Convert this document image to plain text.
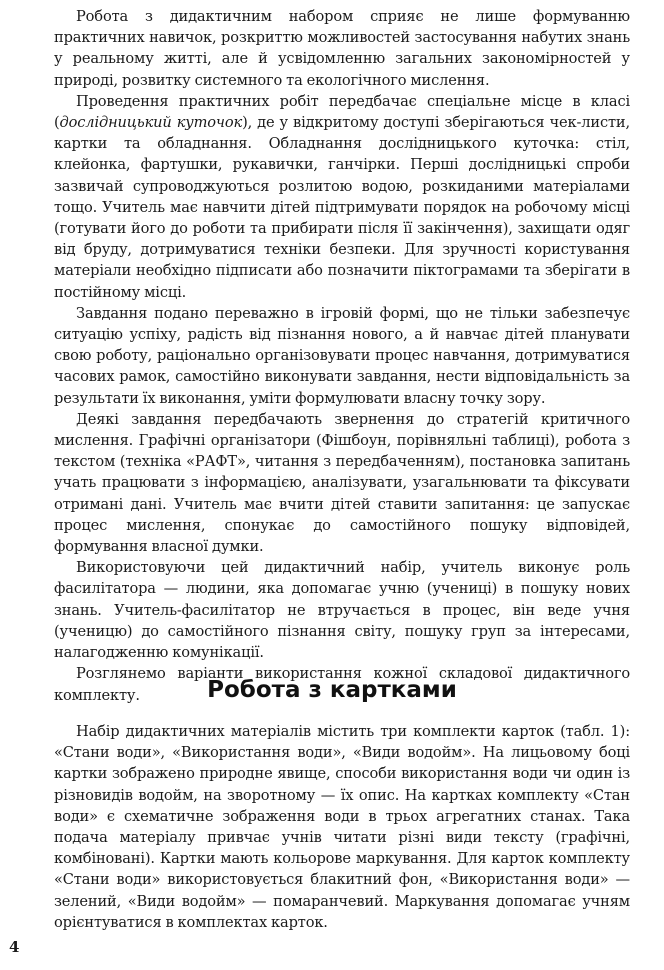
Робота з дидактичним набором сприяє не лише формуванню практичних навичок, розкриттю можливостей застосування набутих знань у реальному житті, але й усвідомленню загальних закономірностей у природі, розвитку системного та екологічного мислення.

Проведення практичних робіт передбачає спеціальне місце в класі (дослідницький куточок), де у відкритому доступі зберігаються чек-листи, картки та обладнання. Обладнання дослідницького куточка: стіл, клейонка, фартушки, рукавички, ганчірки. Перші дослідницькі спроби зазвичай супроводжуються розлитою водою, розкиданими матеріалами тощо. Учитель має навчити дітей підтримувати порядок на робочому місці (готувати його до роботи та прибирати після її закінчення), захищати одяг від бруду, дотримуватися техніки безпеки. Для зручності користування матеріали необхідно підписати або позначити піктограмами та зберігати в постійному місці.

Завдання подано переважно в ігровій формі, що не тільки забезпечує ситуацію успіху, радість від пізнання нового, а й навчає дітей планувати свою роботу, раціонально організовувати процес навчання, дотримуватися часових рамок, самостійно виконувати завдання, нести відповідальність за результати їх виконання, уміти формулювати власну точку зору.

Деякі завдання передбачають звернення до стратегій критичного мислення. Графічні організатори (Фішбоун, порівняльні таблиці), робота з текстом (техніка «РАФТ», читання з передбаченням), постановка запитань учать працювати з інформацією, аналізувати, узагальнювати та фіксувати отримані дані. Учитель має вчити дітей ставити запитання: це запускає процес мислення, спонукає до самостійного пошуку відповідей, формування власної думки.

Використовуючи цей дидактичний набір, учитель виконує роль фасилітатора — людини, яка допомагає учню (учениці) в пошуку нових знань. Учитель-фасилітатор не втручається в процес, він веде учня (ученицю) до самостійного пізнання світу, пошуку груп за інтересами, налагодженню комунікації.

Розглянемо варіанти використання кожної складової дидактичного комплекту.	Робота з картками

Набір дидактичних матеріалів містить три комплекти карток (табл. 1): «Стани води», «Використання води», «Види водойм». На лицьовому боці картки зображено природне явище, способи використання води чи один із різновидів водойм, на зворотному — їх опис. На картках комплекту «Стан води» є схематичне зображення води в трьох агрегатних станах. Така подача матеріалу привчає учнів читати різні види тексту (графічні, комбіновані). Картки мають кольорове маркування. Для карток комплекту «Стани води» використовується блакитний фон, «Використання води» — зелений, «Види водойм» — помаранчевий. Маркування допомагає учням орієнтуватися в комплектах карток.

4
